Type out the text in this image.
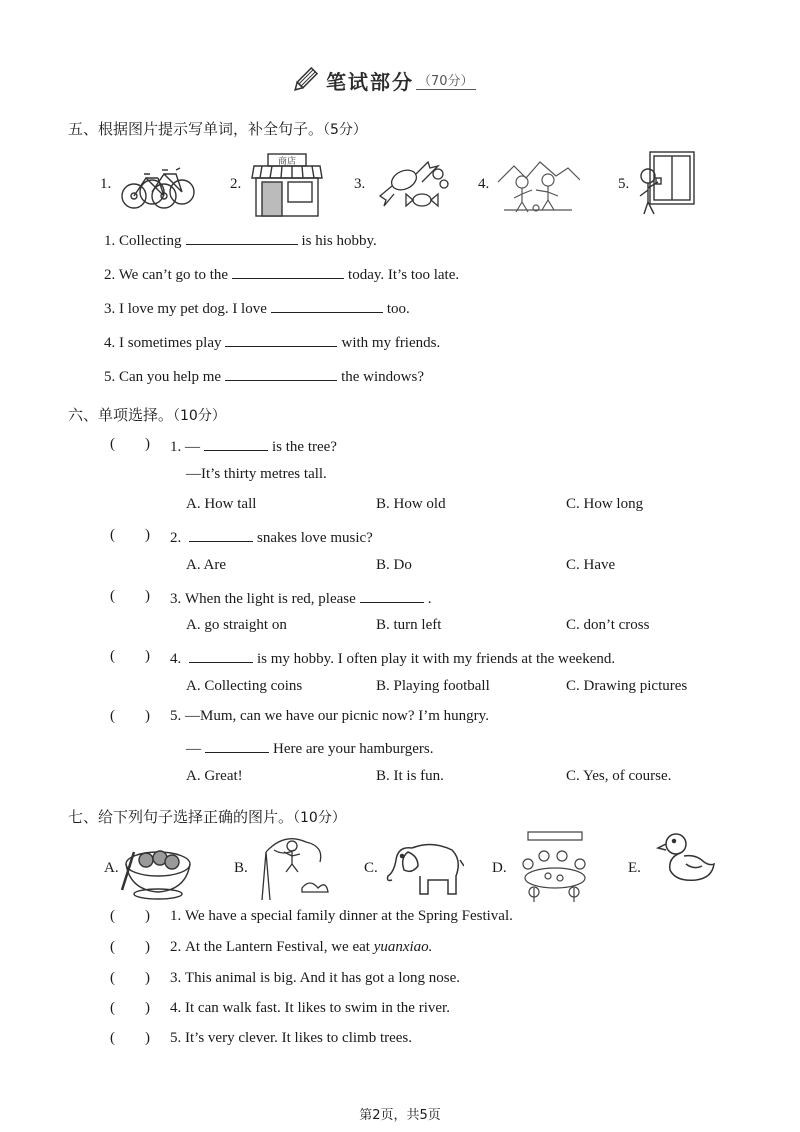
笔试部分 （70分）
五、根据图片提示写单词，补全句子。（5分）
1.	2.
商店
3.	4.	5.
1. Collecting	is his hobby.
2. We can’t go to the	today. It’s too late.
3. I love my pet dog. I love	too.
4. I sometimes play	with my friends.
5. Can you help me	the windows?
六、单项选择。（10分）
(        ) 1. —	is the tree?
—It’s thirty metres tall.
A. How tall	B. How old	C. How long
(        ) 2.	snakes love music?
A. Are	B. Do	C. Have
(        ) 3. When the light is red, please	.
A. go straight on	B. turn left	C. don’t cross
(        ) 4.	is my hobby. I often play it with my friends at the weekend.
A. Collecting coins	B. Playing football	C. Drawing pictures
(        ) 5. —Mum, can we have our picnic now? I’m hungry.
—	Here are your hamburgers.
A. Great!	B. It is fun.	C. Yes, of course.
七、给下列句子选择正确的图片。（10分）
A.	B.	C.	D.	E.
(        ) 1. We have a special family dinner at the Spring Festival.
(        ) 2. At the Lantern Festival, we eat yuanxiao.
(        ) 3. This animal is big. And it has got a long nose.
(        ) 4. It can walk fast. It likes to swim in the river.
(        ) 5. It’s very clever. It likes to climb trees.
第2页，共5页
